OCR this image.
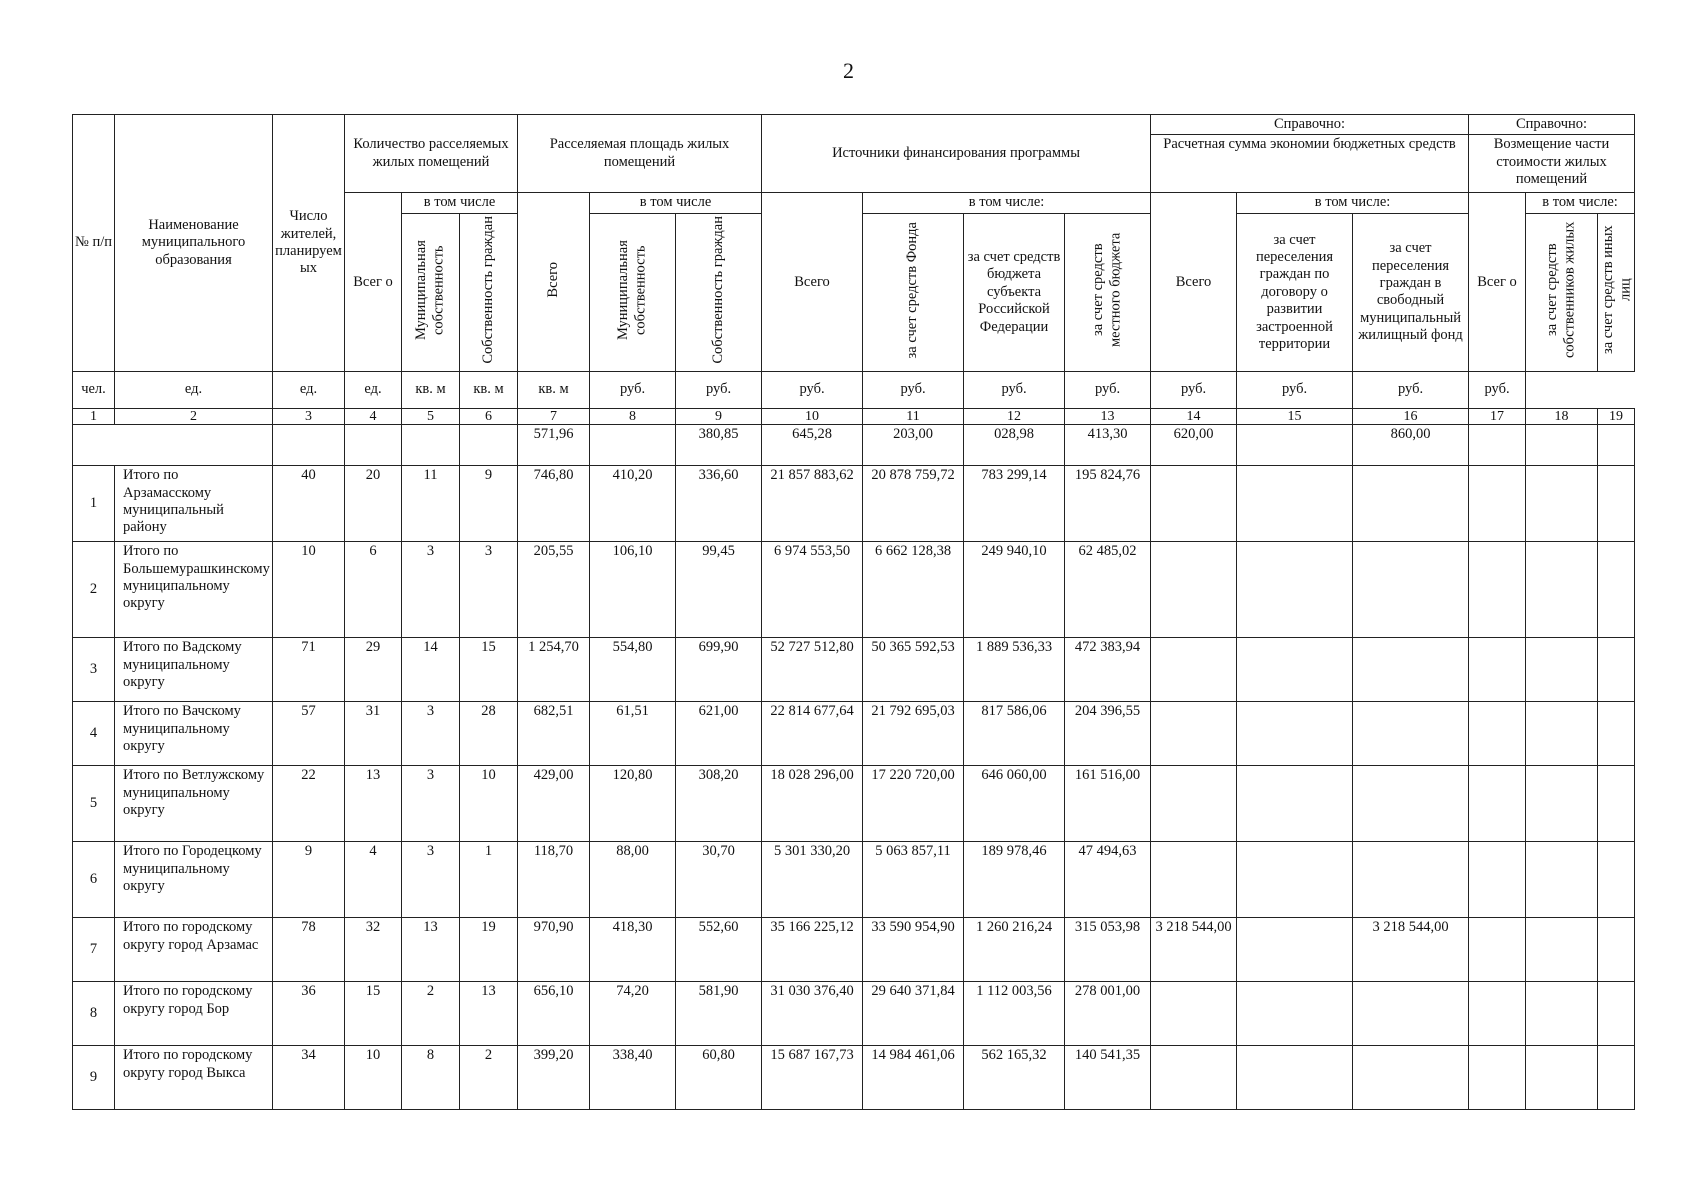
2
№ п/п	Наименование муниципального образования	Число жителей, планируемых	Количество расселяемых жилых помещений			Расселяемая площадь жилых помещений			Источники финансирования программы				Справочно:			Справочно:		
													Расчетная сумма экономии бюджетных средств			Возмещение части стоимости жилых помещений		
			Всег о	в том числе		Всего	в том числе		Всего	в том числе:			Всего	в том числе:		Всег о	в том числе:	
				Муниципальная собственность	Собственность граждан		Муниципальная собственность	Собственность граждан		за счет средств Фонда	за счет средств бюджета субъекта Российской Федерации	за счет средств местного бюджета		за счет переселения граждан по договору о развитии застроенной территории	за счет переселения граждан в свободный муниципальный жилищный фонд		за счет средств собственников жилых	за счет средств иных лиц
чел.	ед.	ед.	ед.	кв. м	кв. м	кв. м	руб.	руб.	руб.	руб.	руб.	руб.	руб.	руб.	руб.	руб.		
1	2	3	4	5	6	7	8	9	10	11	12	13	14	15	16	17	18	19
						571,96		380,85	645,28	203,00	028,98	413,30	620,00		860,00			
1	Итого по Арзамасскому муниципальный району	40	20	11	9	746,80	410,20	336,60	21 857 883,62	20 878 759,72	783 299,14	195 824,76						
2	Итого по Большемурашкинскому муниципальному округу	10	6	3	3	205,55	106,10	99,45	6 974 553,50	6 662 128,38	249 940,10	62 485,02						
3	Итого по Вадскому муниципальному округу	71	29	14	15	1 254,70	554,80	699,90	52 727 512,80	50 365 592,53	1 889 536,33	472 383,94						
4	Итого по Вачскому муниципальному округу	57	31	3	28	682,51	61,51	621,00	22 814 677,64	21 792 695,03	817 586,06	204 396,55						
5	Итого по Ветлужскому муниципальному округу	22	13	3	10	429,00	120,80	308,20	18 028 296,00	17 220 720,00	646 060,00	161 516,00						
6	Итого по Городецкому муниципальному округу	9	4	3	1	118,70	88,00	30,70	5 301 330,20	5 063 857,11	189 978,46	47 494,63						
7	Итого по городскому округу город Арзамас	78	32	13	19	970,90	418,30	552,60	35 166 225,12	33 590 954,90	1 260 216,24	315 053,98	3 218 544,00		3 218 544,00			
8	Итого по городскому округу город Бор	36	15	2	13	656,10	74,20	581,90	31 030 376,40	29 640 371,84	1 112 003,56	278 001,00						
9	Итого по городскому округу город Выкса	34	10	8	2	399,20	338,40	60,80	15 687 167,73	14 984 461,06	562 165,32	140 541,35						
